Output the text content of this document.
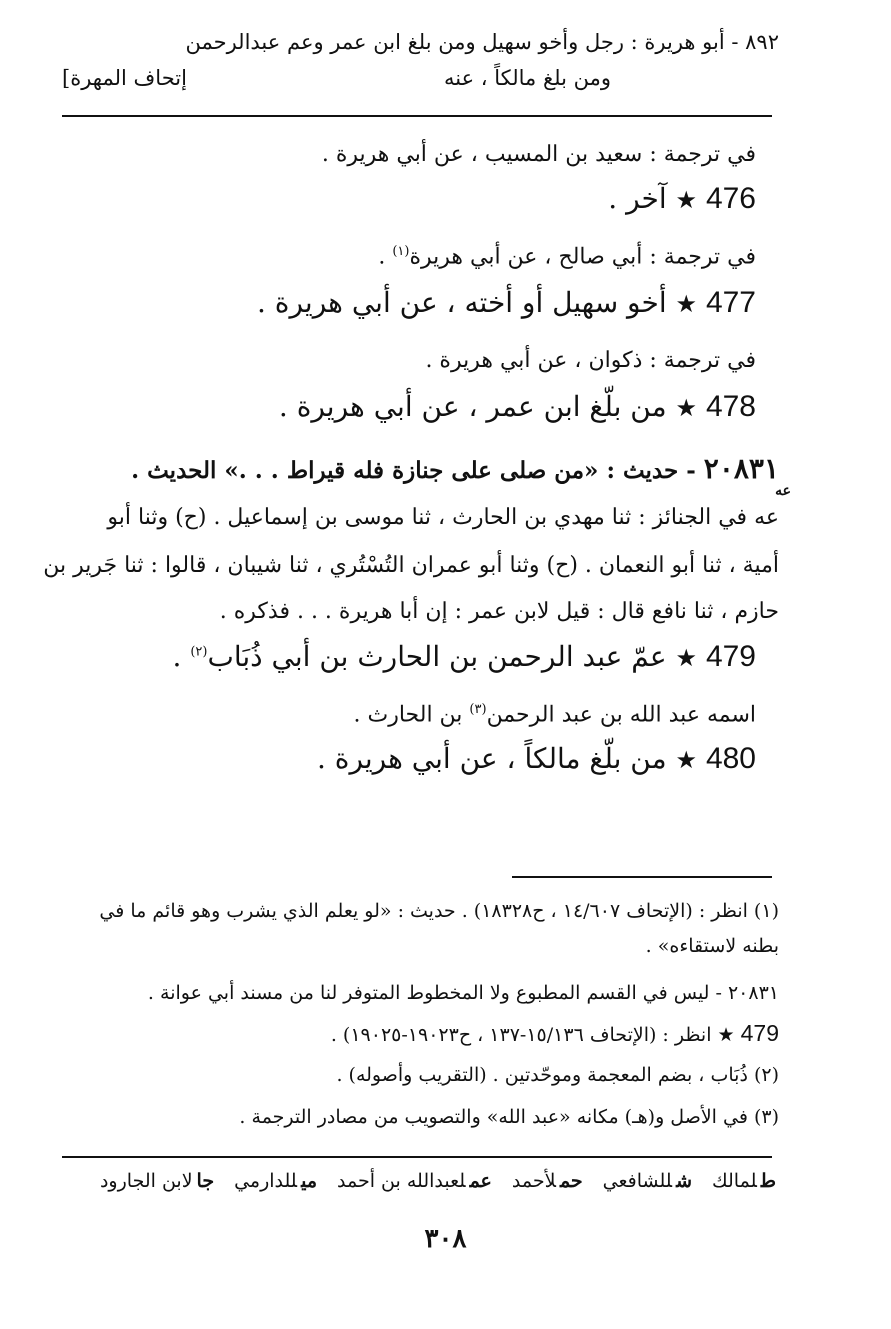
٨٩٢ - أبو هريرة : رجل وأخو سهيل ومن بلغ ابن عمر وعم عبدالرحمن
ومن بلغ مالكاً ، عنه
[إتحاف المهرة
في ترجمة : سعيد بن المسيب ، عن أبي هريرة .
476 ★ آخر .
في ترجمة : أبي صالح ، عن أبي هريرة$^{(١)}$ .
477 ★ أخو سهيل أو أخته ، عن أبي هريرة .
في ترجمة : ذكوان ، عن أبي هريرة .
478 ★ من بلّغ ابن عمر ، عن أبي هريرة .
٢٠٨٣١ - حديث : «من صلى على جنازة فله قيراط . . .» الحديث .
عه
عه في الجنائز : ثنا مهدي بن الحارث ، ثنا موسى بن إسماعيل . (ح) وثنا أبو
أمية ، ثنا أبو النعمان . (ح) وثنا أبو عمران التُسْتُري ، ثنا شيبان ، قالوا : ثنا جَرير بن
حازم ، ثنا نافع قال : قيل لابن عمر : إن أبا هريرة . . . فذكره .
479 ★ عمّ عبد الرحمن بن الحارث بن أبي ذُبَاب$^{(٢)}$ .
اسمه عبد الله بن عبد الرحمن$^{(٣)}$ بن الحارث .
480 ★ من بلّغ مالكاً ، عن أبي هريرة .
(١) انظر : (الإتحاف ١٤/٦٠٧ ، ح١٨٣٢٨) . حديث : «لو يعلم الذي يشرب وهو قائم ما في
بطنه لاستقاءه» .
٢٠٨٣١ - ليس في القسم المطبوع ولا المخطوط المتوفر لنا من مسند أبي عوانة .
479 ★ انظر : (الإتحاف ١٥/١٣٦-١٣٧ ، ح١٩٠٢٣-١٩٠٢٥) .
(٢) ذُبَاب ، بضم المعجمة وموحّدتين . (التقريب وأصوله) .
(٣) في الأصل و(هـ) مكانه «عبد الله» والتصويب من مصادر الترجمة .
طلمالك
شللشافعي
حملأحمد
عملعبدالله بن أحمد
ميللدارمي
جالابن الجارود
٣٠٨
